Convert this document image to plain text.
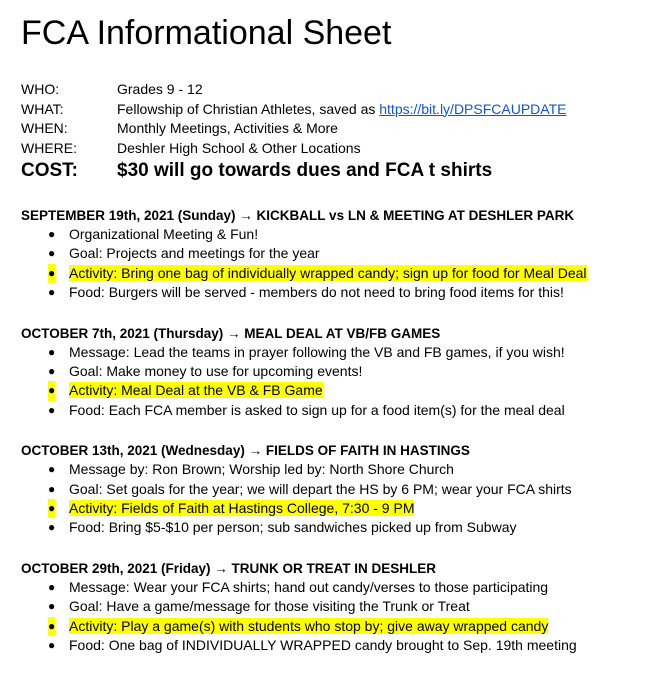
FCA Informational Sheet
WHO:	Grades 9 - 12
WHAT:	Fellowship of Christian Athletes, saved as https://bit.ly/DPSFCAUPDATE
WHEN:	Monthly Meetings, Activities & More
WHERE:	Deshler High School & Other Locations
COST:	$30 will go towards dues and FCA t shirts
SEPTEMBER 19th, 2021 (Sunday) → KICKBALL vs LN & MEETING AT DESHLER PARK
● Organizational Meeting & Fun!
● Goal: Projects and meetings for the year
● Activity: Bring one bag of individually wrapped candy; sign up for food for Meal Deal
● Food: Burgers will be served - members do not need to bring food items for this!
OCTOBER 7th, 2021 (Thursday) → MEAL DEAL AT VB/FB GAMES
● Message: Lead the teams in prayer following the VB and FB games, if you wish!
● Goal: Make money to use for upcoming events!
● Activity: Meal Deal at the VB & FB Game
● Food: Each FCA member is asked to sign up for a food item(s) for the meal deal
OCTOBER 13th, 2021 (Wednesday) → FIELDS OF FAITH IN HASTINGS
● Message by: Ron Brown; Worship led by: North Shore Church
● Goal: Set goals for the year; we will depart the HS by 6 PM; wear your FCA shirts
● Activity: Fields of Faith at Hastings College, 7:30 - 9 PM
● Food: Bring $5-$10 per person; sub sandwiches picked up from Subway
OCTOBER 29th, 2021 (Friday) → TRUNK OR TREAT IN DESHLER
● Message: Wear your FCA shirts; hand out candy/verses to those participating
● Goal: Have a game/message for those visiting the Trunk or Treat
● Activity: Play a game(s) with students who stop by; give away wrapped candy
● Food: One bag of INDIVIDUALLY WRAPPED candy brought to Sep. 19th meeting
